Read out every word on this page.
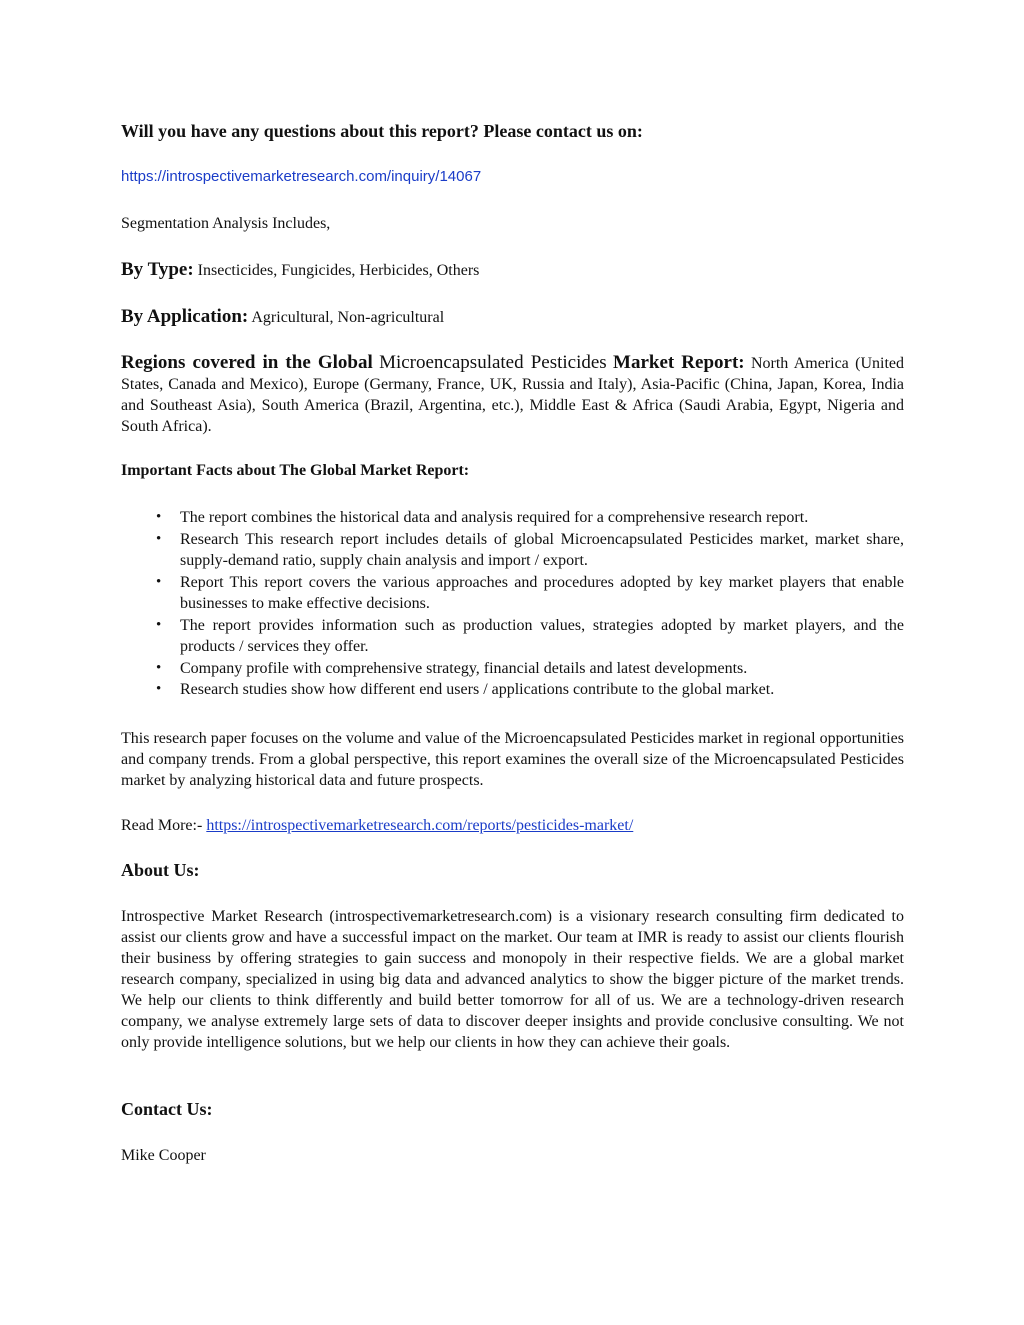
Will you have any questions about this report? Please contact us on:

https://introspectivemarketresearch.com/inquiry/14067

Segmentation Analysis Includes,

By Type: Insecticides, Fungicides, Herbicides, Others

By Application: Agricultural, Non-agricultural

Regions covered in the Global Microencapsulated Pesticides Market Report: North America (United States, Canada and Mexico), Europe (Germany, France, UK, Russia and Italy), Asia-Pacific (China, Japan, Korea, India and Southeast Asia), South America (Brazil, Argentina, etc.), Middle East & Africa (Saudi Arabia, Egypt, Nigeria and South Africa).

Important Facts about The Global Market Report:

• The report combines the historical data and analysis required for a comprehensive research report.
• Research This research report includes details of global Microencapsulated Pesticides market, market share, supply-demand ratio, supply chain analysis and import / export.
• Report This report covers the various approaches and procedures adopted by key market players that enable businesses to make effective decisions.
• The report provides information such as production values, strategies adopted by market players, and the products / services they offer.
• Company profile with comprehensive strategy, financial details and latest developments.
• Research studies show how different end users / applications contribute to the global market.

This research paper focuses on the volume and value of the Microencapsulated Pesticides market in regional opportunities and company trends. From a global perspective, this report examines the overall size of the Microencapsulated Pesticides market by analyzing historical data and future prospects.

Read More:- https://introspectivemarketresearch.com/reports/pesticides-market/

About Us:

Introspective Market Research (introspectivemarketresearch.com) is a visionary research consulting firm dedicated to assist our clients grow and have a successful impact on the market. Our team at IMR is ready to assist our clients flourish their business by offering strategies to gain success and monopoly in their respective fields. We are a global market research company, specialized in using big data and advanced analytics to show the bigger picture of the market trends. We help our clients to think differently and build better tomorrow for all of us. We are a technology-driven research company, we analyse extremely large sets of data to discover deeper insights and provide conclusive consulting. We not only provide intelligence solutions, but we help our clients in how they can achieve their goals.

Contact Us:

Mike Cooper
